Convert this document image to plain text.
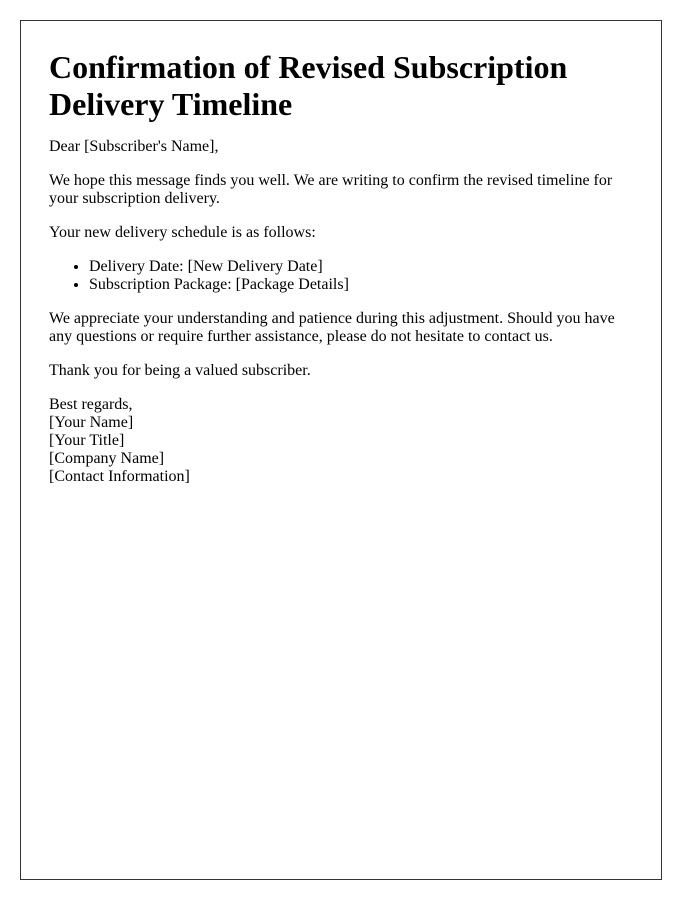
Confirmation of Revised Subscription Delivery Timeline

Dear [Subscriber's Name],

We hope this message finds you well. We are writing to confirm the revised timeline for your subscription delivery.

Your new delivery schedule is as follows:

• Delivery Date: [New Delivery Date]
• Subscription Package: [Package Details]

We appreciate your understanding and patience during this adjustment. Should you have any questions or require further assistance, please do not hesitate to contact us.

Thank you for being a valued subscriber.

Best regards,
[Your Name]
[Your Title]
[Company Name]
[Contact Information]
